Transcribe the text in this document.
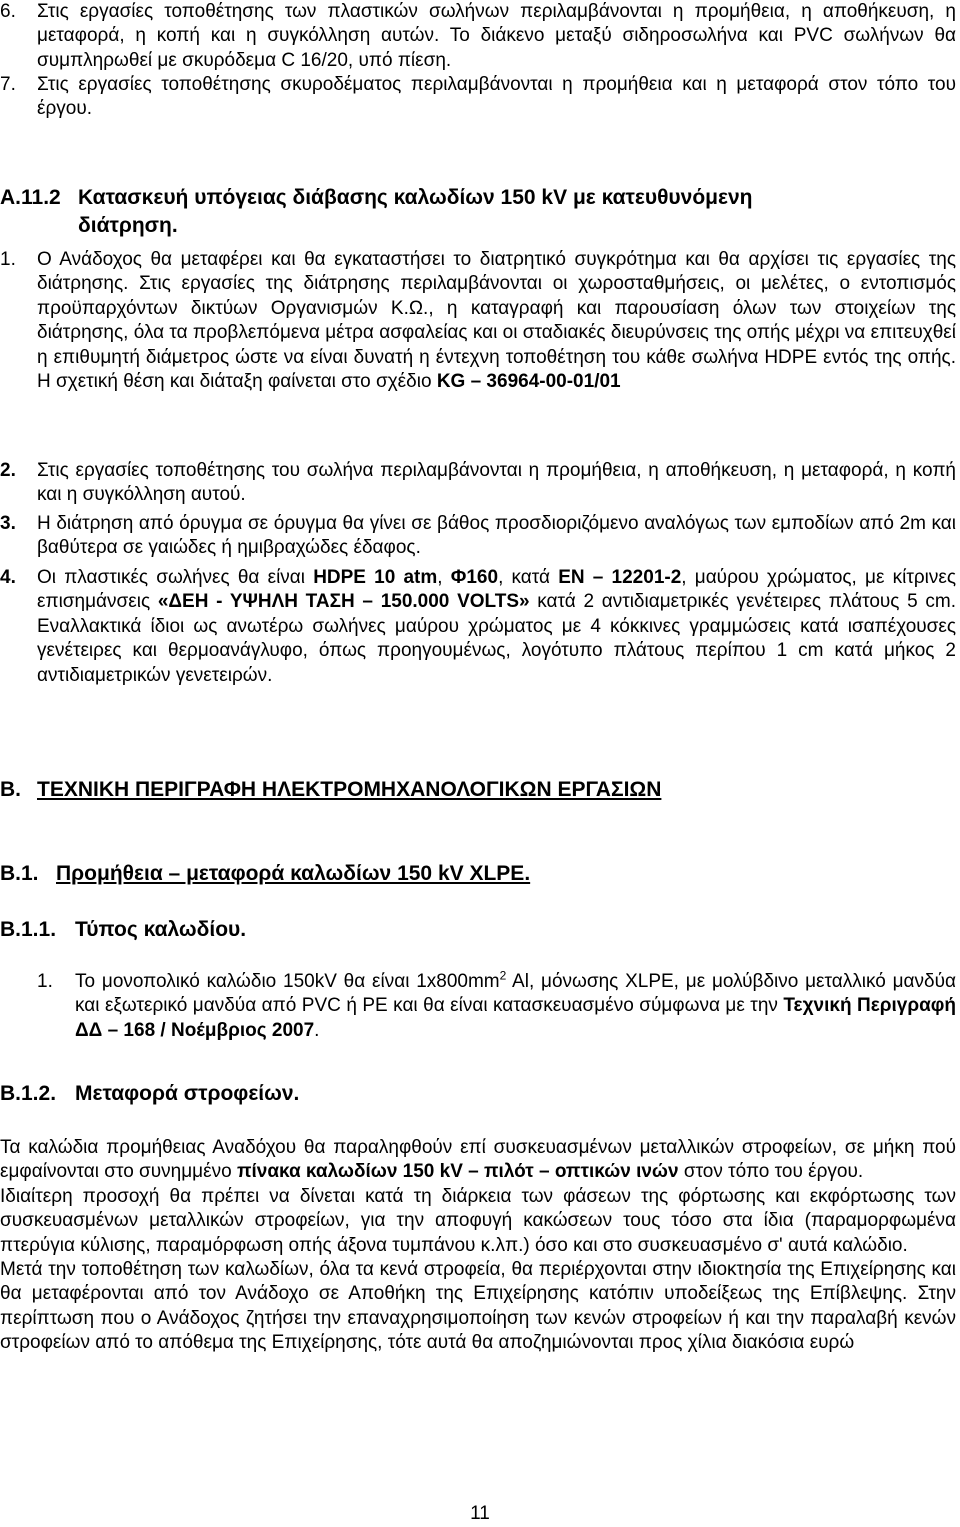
6.	Στις εργασίες τοποθέτησης των πλαστικών σωλήνων περιλαμβάνονται η προμήθεια, η αποθήκευση, η μεταφορά, η κοπή και η συγκόλληση αυτών. Το διάκενο μεταξύ σιδηροσωλήνα και PVC σωλήνων θα συμπληρωθεί με σκυρόδεμα C 16/20, υπό πίεση.
7.	Στις εργασίες τοποθέτησης σκυροδέματος περιλαμβάνονται η προμήθεια και η μεταφορά στον τόπο του έργου.
Α.11.2 Κατασκευή υπόγειας διάβασης καλωδίων 150 kV με κατευθυνόμενη
διάτρηση.
1.	Ο Ανάδοχος θα μεταφέρει και θα εγκαταστήσει το διατρητικό συγκρότημα και θα αρχίσει τις εργασίες της διάτρησης. Στις εργασίες της διάτρησης περιλαμβάνονται οι χωροσταθμήσεις, οι μελέτες, ο εντοπισμός προϋπαρχόντων δικτύων Οργανισμών Κ.Ω., η καταγραφή και παρουσίαση όλων των στοιχείων της διάτρησης, όλα τα προβλεπόμενα μέτρα ασφαλείας και οι σταδιακές διευρύνσεις της οπής μέχρι να επιτευχθεί η επιθυμητή διάμετρος ώστε να είναι δυνατή η έντεχνη τοποθέτηση του κάθε σωλήνα HDPE εντός της οπής. Η σχετική θέση και διάταξη φαίνεται στο σχέδιο KG – 36964-00-01/01
2.	Στις εργασίες τοποθέτησης του σωλήνα περιλαμβάνονται η προμήθεια, η αποθήκευση, η μεταφορά, η κοπή και η συγκόλληση αυτού.
3.	Η διάτρηση από όρυγμα σε όρυγμα θα γίνει σε βάθος προσδιοριζόμενο αναλόγως των εμποδίων από 2m και βαθύτερα σε γαιώδες ή ημιβραχώδες έδαφος.
4.	Οι πλαστικές σωλήνες θα είναι HDPE 10 atm, Φ160, κατά ΕΝ – 12201-2, μαύρου χρώματος, με κίτρινες επισημάνσεις «ΔΕΗ - ΥΨΗΛΗ ΤΑΣΗ – 150.000 VOLTS» κατά 2 αντιδιαμετρικές γενέτειρες πλάτους 5 cm. Εναλλακτικά ίδιοι ως ανωτέρω σωλήνες μαύρου χρώματος με 4 κόκκινες γραμμώσεις κατά ισαπέχουσες γενέτειρες και θερμοανάγλυφο, όπως προηγουμένως, λογότυπο πλάτους περίπου 1 cm κατά μήκος 2 αντιδιαμετρικών γενετειρών.
Β. ΤΕΧΝΙΚΗ ΠΕΡΙΓΡΑΦΗ ΗΛΕΚΤΡΟΜΗΧΑΝΟΛΟΓΙΚΩΝ ΕΡΓΑΣΙΩΝ
Β.1. Προμήθεια – μεταφορά καλωδίων 150 kV XLPE.
Β.1.1. Τύπος καλωδίου.
1.	Το μονοπολικό καλώδιο 150kV θα είναι $1x800mm^2$ Al, μόνωσης XLPE, με μολύβδινο μεταλλικό μανδύα και εξωτερικό μανδύα από PVC ή PE και θα είναι κατασκευασμένο σύμφωνα με την Τεχνική Περιγραφή ΔΔ – 168 / Νοέμβριος 2007.
Β.1.2. Μεταφορά στροφείων.

Τα καλώδια προμήθειας Αναδόχου θα παραληφθούν επί συσκευασμένων μεταλλικών στροφείων, σε μήκη πού εμφαίνονται στο συνημμένο πίνακα καλωδίων 150 kV – πιλότ – οπτικών ινών στον τόπο του έργου.

Ιδιαίτερη προσοχή θα πρέπει να δίνεται κατά τη διάρκεια των φάσεων της φόρτωσης και εκφόρτωσης των συσκευασμένων μεταλλικών στροφείων, για την αποφυγή κακώσεων τους τόσο στα ίδια (παραμορφωμένα πτερύγια κύλισης, παραμόρφωση οπής άξονα τυμπάνου κ.λπ.) όσο και στο συσκευασμένο σ' αυτά καλώδιο.

Μετά την τοποθέτηση των καλωδίων, όλα τα κενά στροφεία, θα περιέρχονται στην ιδιοκτησία της Επιχείρησης και θα μεταφέρονται από τον Ανάδοχο σε Αποθήκη της Επιχείρησης κατόπιν υποδείξεως της Επίβλεψης. Στην περίπτωση που ο Ανάδοχος ζητήσει την επαναχρησιμοποίηση των κενών στροφείων ή και την παραλαβή κενών στροφείων από το απόθεμα της Επιχείρησης, τότε αυτά θα αποζημιώνονται προς χίλια διακόσια ευρώ

11
